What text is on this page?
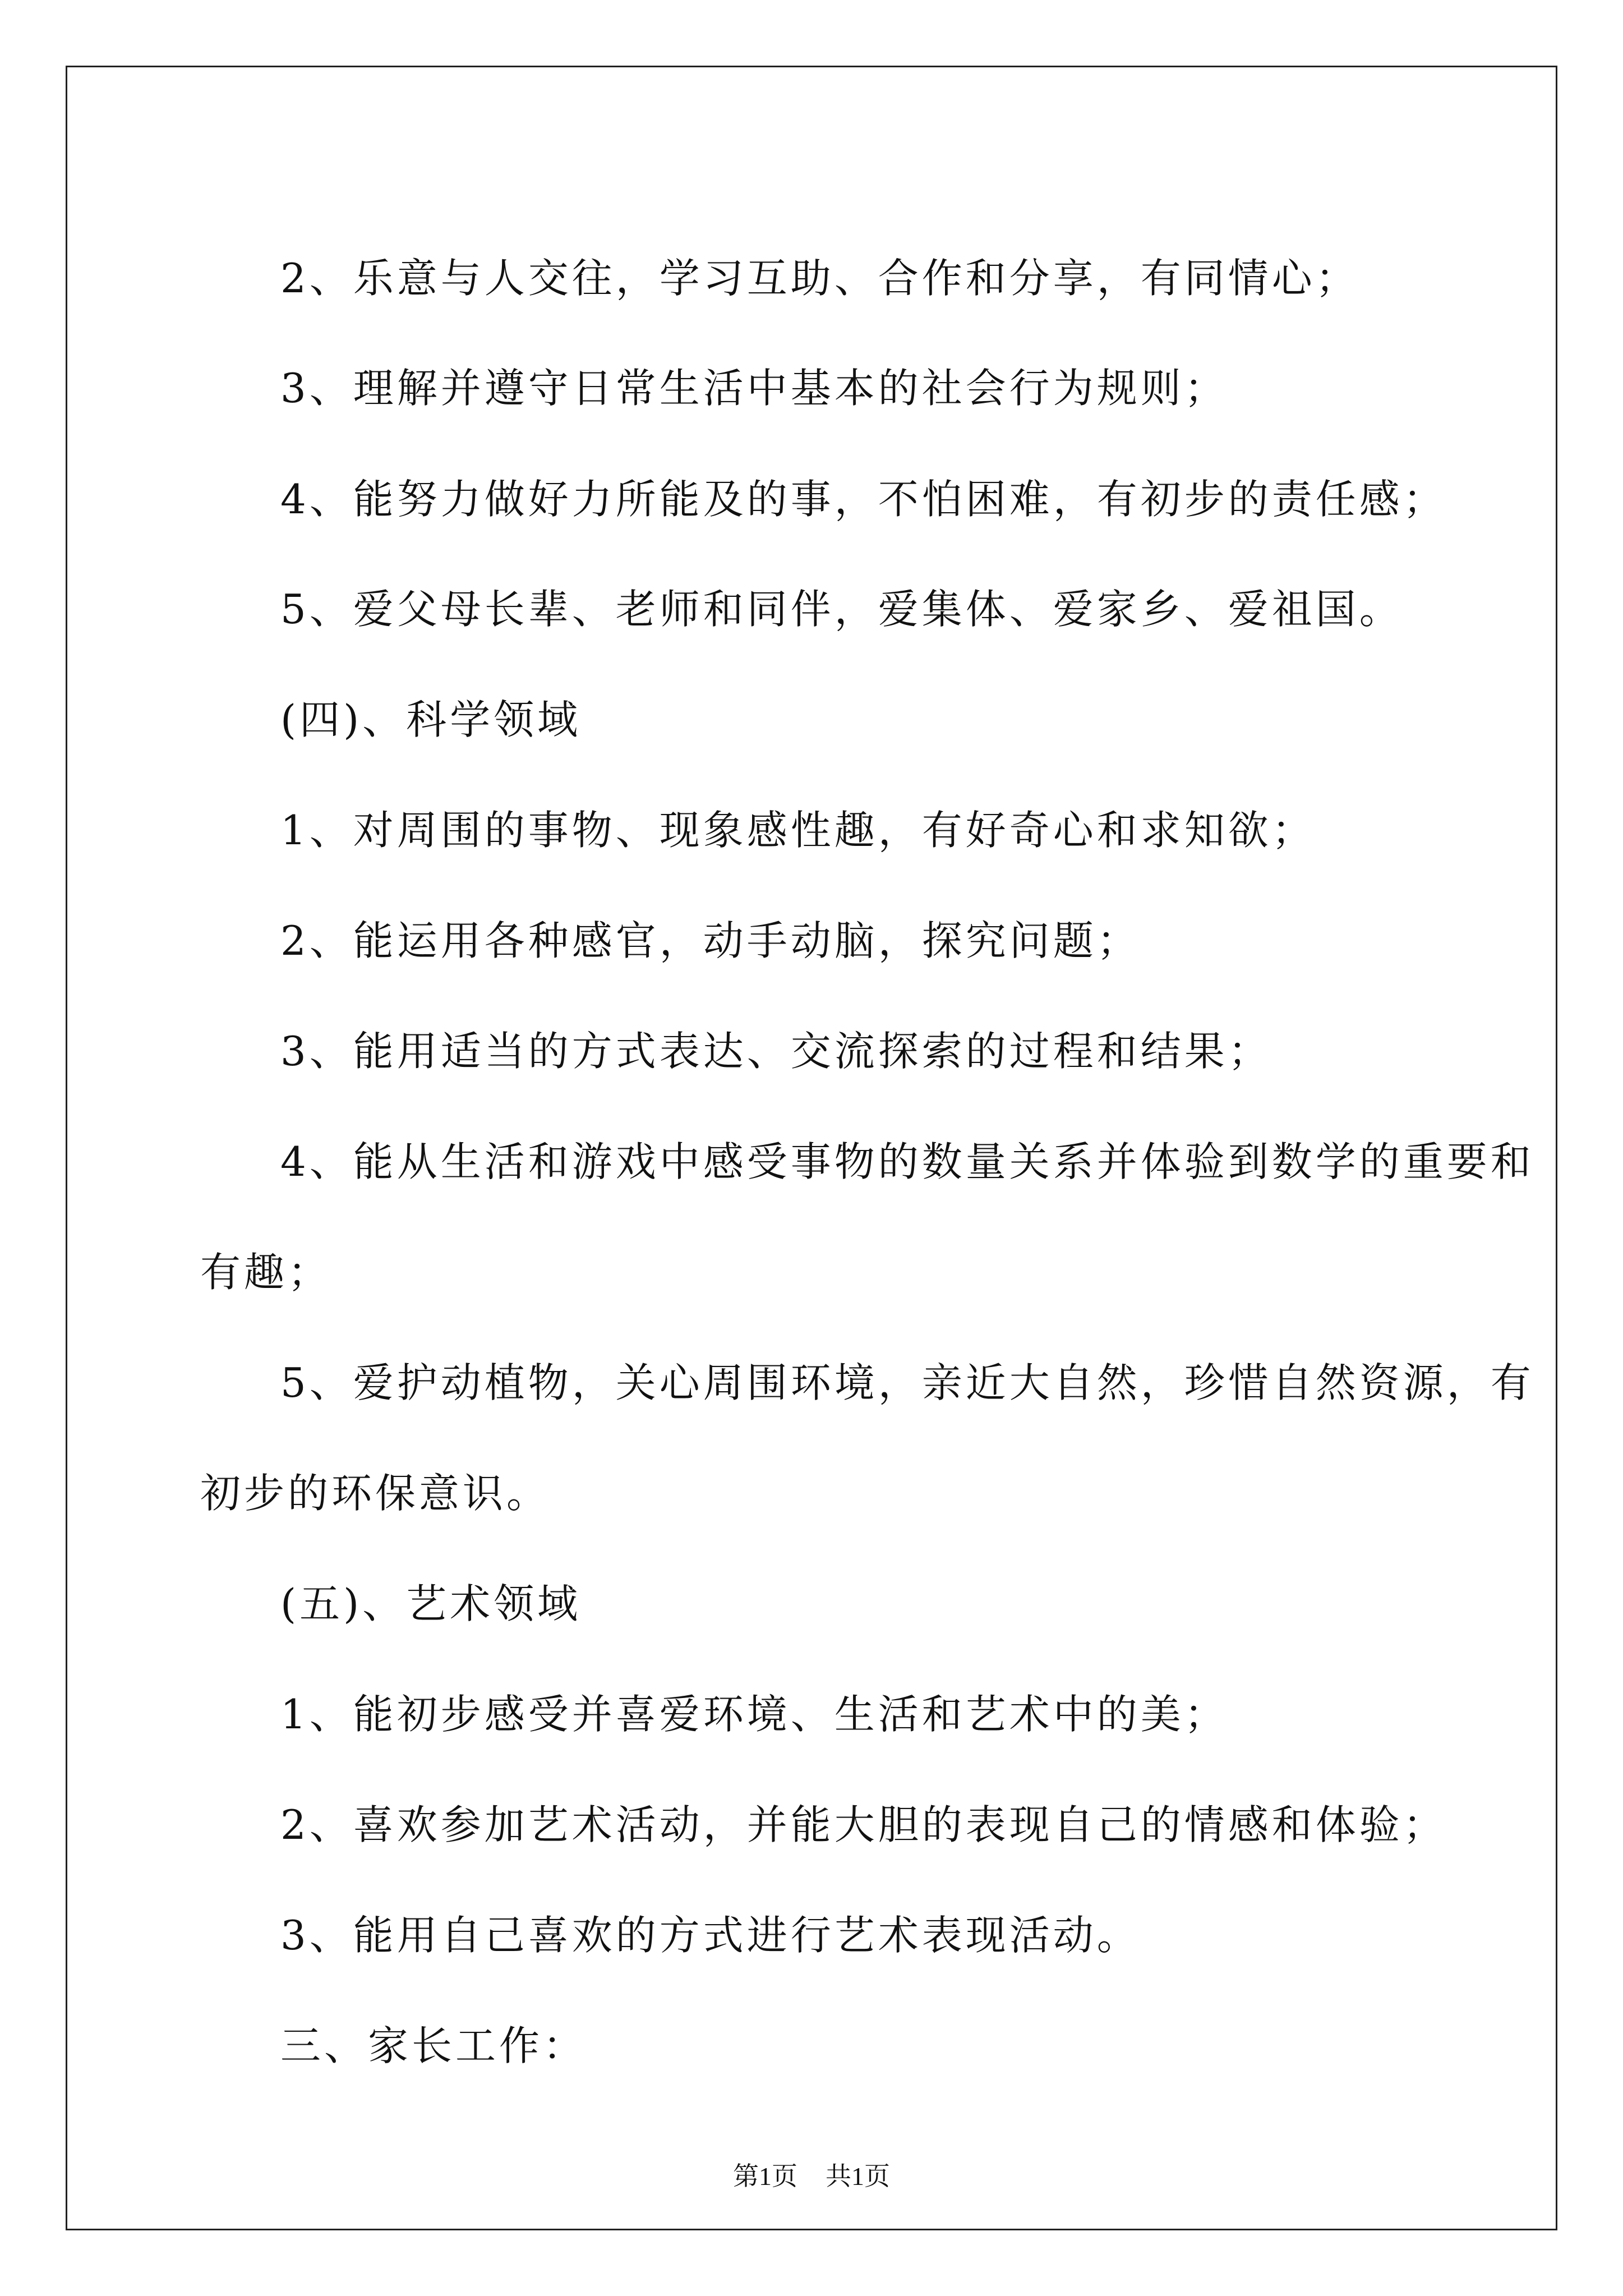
2、乐意与人交往，学习互助、合作和分享，有同情心；

3、理解并遵守日常生活中基本的社会行为规则；

4、能努力做好力所能及的事，不怕困难，有初步的责任感；

5、爱父母长辈、老师和同伴，爱集体、爱家乡、爱祖国。

(四)、科学领域

1、对周围的事物、现象感性趣，有好奇心和求知欲；

2、能运用各种感官，动手动脑，探究问题；

3、能用适当的方式表达、交流探索的过程和结果；

4、能从生活和游戏中感受事物的数量关系并体验到数学的重要和

有趣；

5、爱护动植物，关心周围环境，亲近大自然，珍惜自然资源，有

初步的环保意识。

(五)、艺术领域

1、能初步感受并喜爱环境、生活和艺术中的美；

2、喜欢参加艺术活动，并能大胆的表现自己的情感和体验；

3、能用自己喜欢的方式进行艺术表现活动。

三、家长工作：

第1页 共1页
